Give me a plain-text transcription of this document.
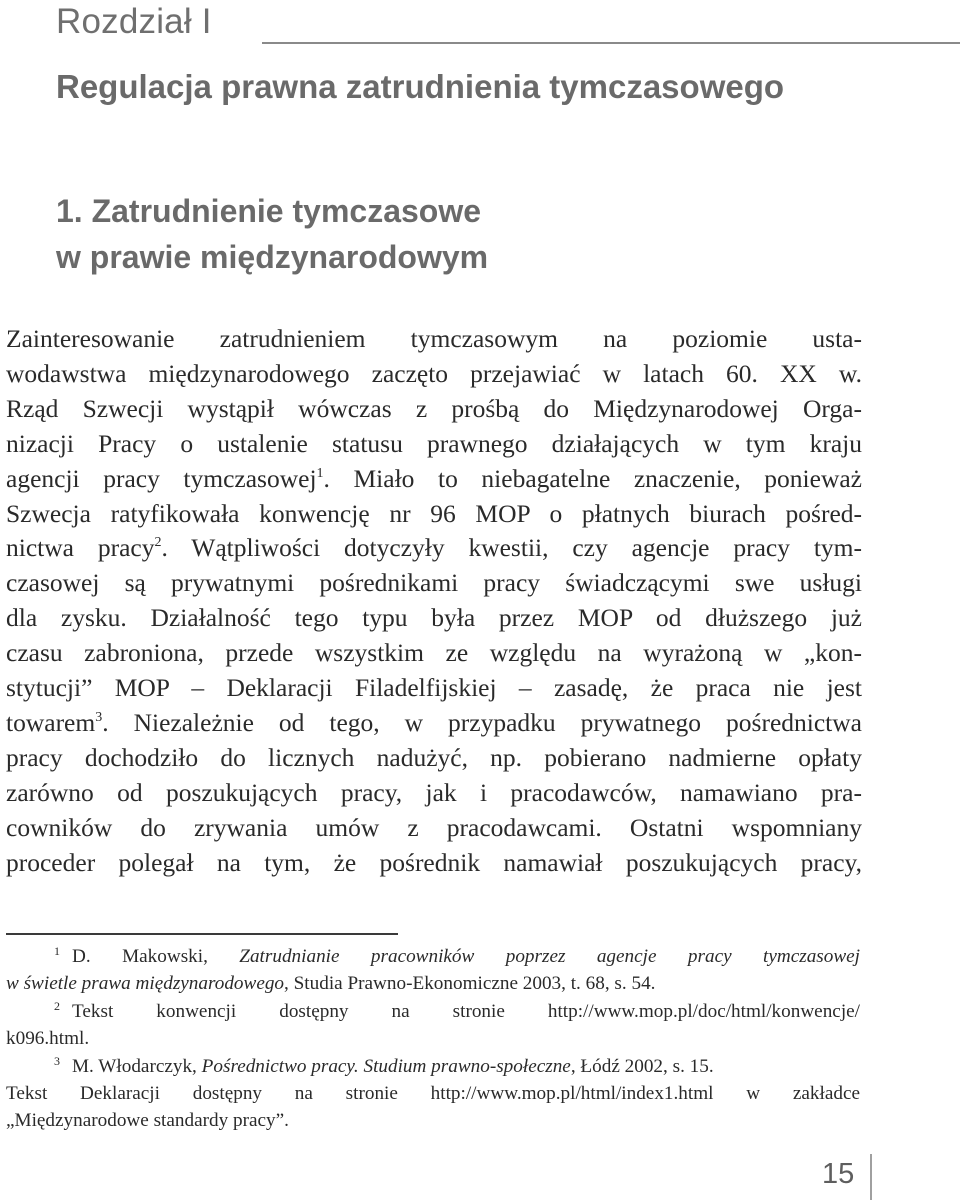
Rozdział I
Regulacja prawna zatrudnienia tymczasowego
1. Zatrudnienie tymczasowe
w prawie międzynarodowym
Zainteresowanie zatrudnieniem tymczasowym na poziomie usta-
wodawstwa międzynarodowego zaczęto przejawiać w latach 60. XX w.
Rząd Szwecji wystąpił wówczas z prośbą do Międzynarodowej Orga-
nizacji Pracy o ustalenie statusu prawnego działających w tym kraju
agencji pracy tymczasowej$^1$. Miało to niebagatelne znaczenie, ponieważ
Szwecja ratyfikowała konwencję nr 96 MOP o płatnych biurach pośred-
nictwa pracy$^2$. Wątpliwości dotyczyły kwestii, czy agencje pracy tym-
czasowej są prywatnymi pośrednikami pracy świadczącymi swe usługi
dla zysku. Działalność tego typu była przez MOP od dłuższego już
czasu zabroniona, przede wszystkim ze względu na wyrażoną w „kon-
stytucji” MOP – Deklaracji Filadelfijskiej – zasadę, że praca nie jest
towarem$^3$. Niezależnie od tego, w przypadku prywatnego pośrednictwa
pracy dochodziło do licznych nadużyć, np. pobierano nadmierne opłaty
zarówno od poszukujących pracy, jak i pracodawców, namawiano pra-
cowników do zrywania umów z pracodawcami. Ostatni wspomniany
proceder polegał na tym, że pośrednik namawiał poszukujących pracy,
$^1$ D. Makowski, Zatrudnianie pracowników poprzez agencje pracy tymczasowej
w świetle prawa międzynarodowego, Studia Prawno-Ekonomiczne 2003, t. 68, s. 54.
$^2$ Tekst konwencji dostępny na stronie http://www.mop.pl/doc/html/konwencje/
k096.html.
$^3$ M. Włodarczyk, Pośrednictwo pracy. Studium prawno-społeczne, Łódź 2002, s. 15.
Tekst Deklaracji dostępny na stronie http://www.mop.pl/html/index1.html w zakładce
„Międzynarodowe standardy pracy”.
15
